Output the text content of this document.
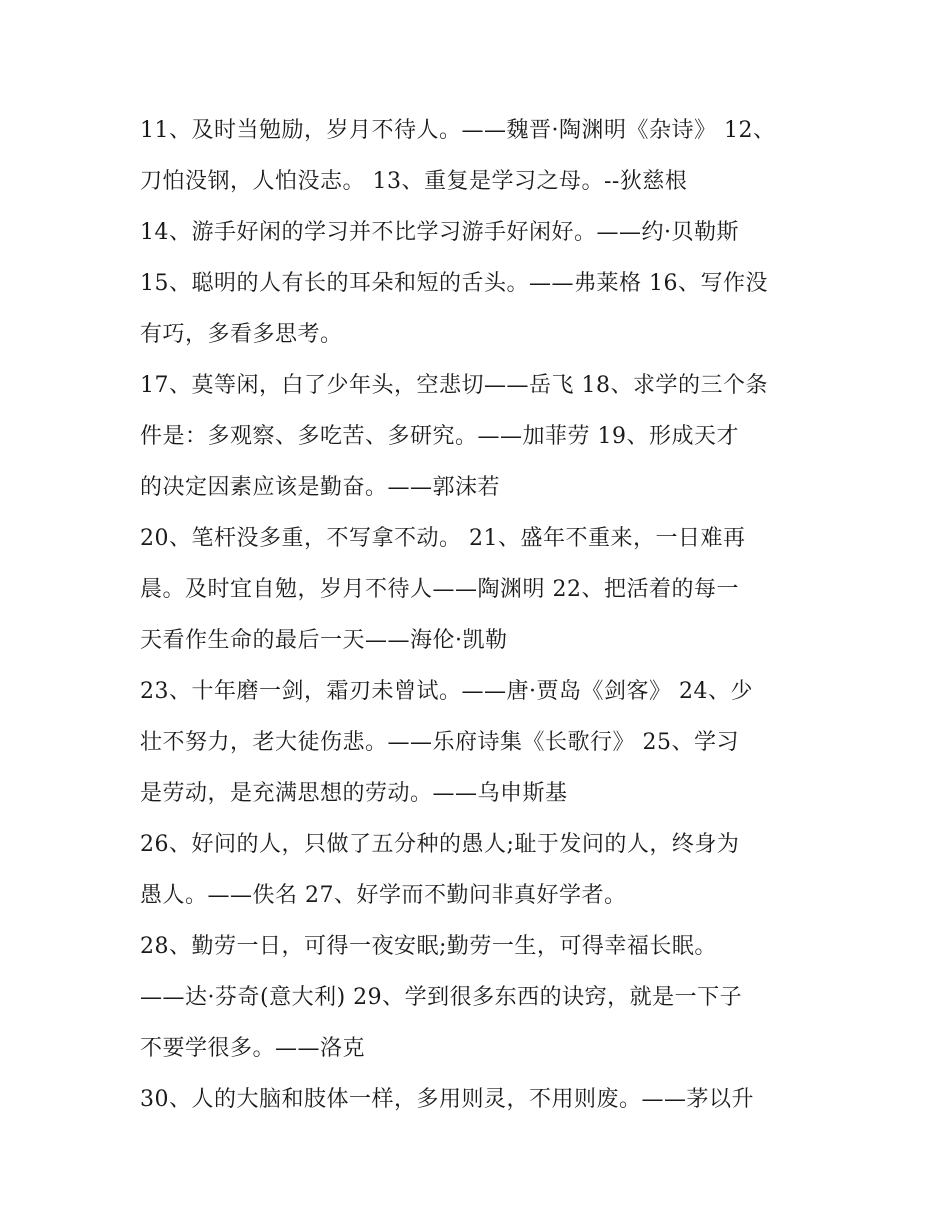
11、及时当勉励，岁月不待人。——魏晋·陶渊明《杂诗》 12、
刀怕没钢，人怕没志。 13、重复是学习之母。--狄慈根
14、游手好闲的学习并不比学习游手好闲好。——约·贝勒斯
15、聪明的人有长的耳朵和短的舌头。——弗莱格 16、写作没
有巧，多看多思考。
17、莫等闲，白了少年头，空悲切——岳飞 18、求学的三个条
件是：多观察、多吃苦、多研究。——加菲劳 19、形成天才
的决定因素应该是勤奋。——郭沫若
20、笔杆没多重，不写拿不动。 21、盛年不重来，一日难再
晨。及时宜自勉，岁月不待人——陶渊明 22、把活着的每一
天看作生命的最后一天——海伦·凯勒
23、十年磨一剑，霜刃未曾试。——唐·贾岛《剑客》 24、少
壮不努力，老大徒伤悲。——乐府诗集《长歌行》 25、学习
是劳动，是充满思想的劳动。——乌申斯基
26、好问的人，只做了五分种的愚人;耻于发问的人，终身为
愚人。——佚名 27、好学而不勤问非真好学者。
28、勤劳一日，可得一夜安眠;勤劳一生，可得幸福长眠。
——达·芬奇(意大利) 29、学到很多东西的诀窍，就是一下子
不要学很多。——洛克
30、人的大脑和肢体一样，多用则灵，不用则废。——茅以升
